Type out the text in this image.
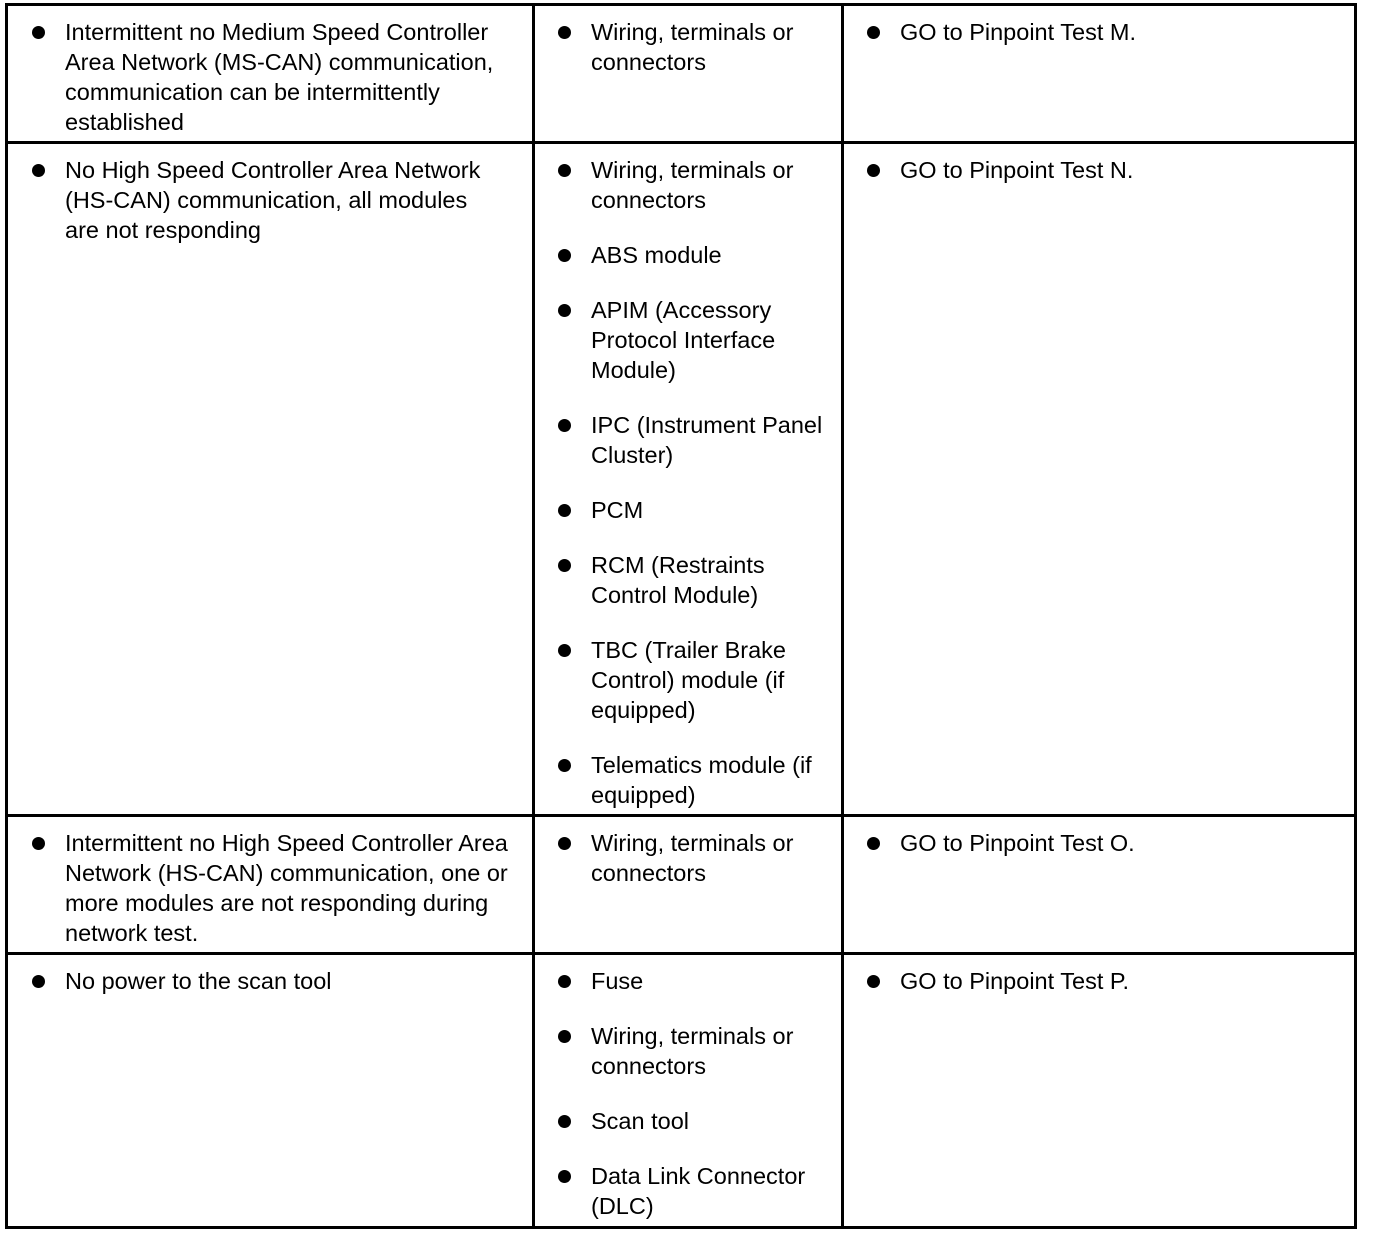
Intermittent no Medium Speed Controller Area Network (MS-CAN) communication, communication can be intermittently established
Wiring, terminals or connectors
GO to Pinpoint Test M.
No High Speed Controller Area Network (HS-CAN) communication, all modules are not responding
Wiring, terminals or connectors
ABS module
APIM (Accessory Protocol Interface Module)
IPC (Instrument Panel Cluster)
PCM
RCM (Restraints Control Module)
TBC (Trailer Brake Control) module (if equipped)
Telematics module (if equipped)
GO to Pinpoint Test N.
Intermittent no High Speed Controller Area Network (HS-CAN) communication, one or more modules are not responding during network test.
Wiring, terminals or connectors
GO to Pinpoint Test O.
No power to the scan tool	Fuse
Wiring, terminals or connectors
Scan tool
Data Link Connector (DLC)
GO to Pinpoint Test P.
